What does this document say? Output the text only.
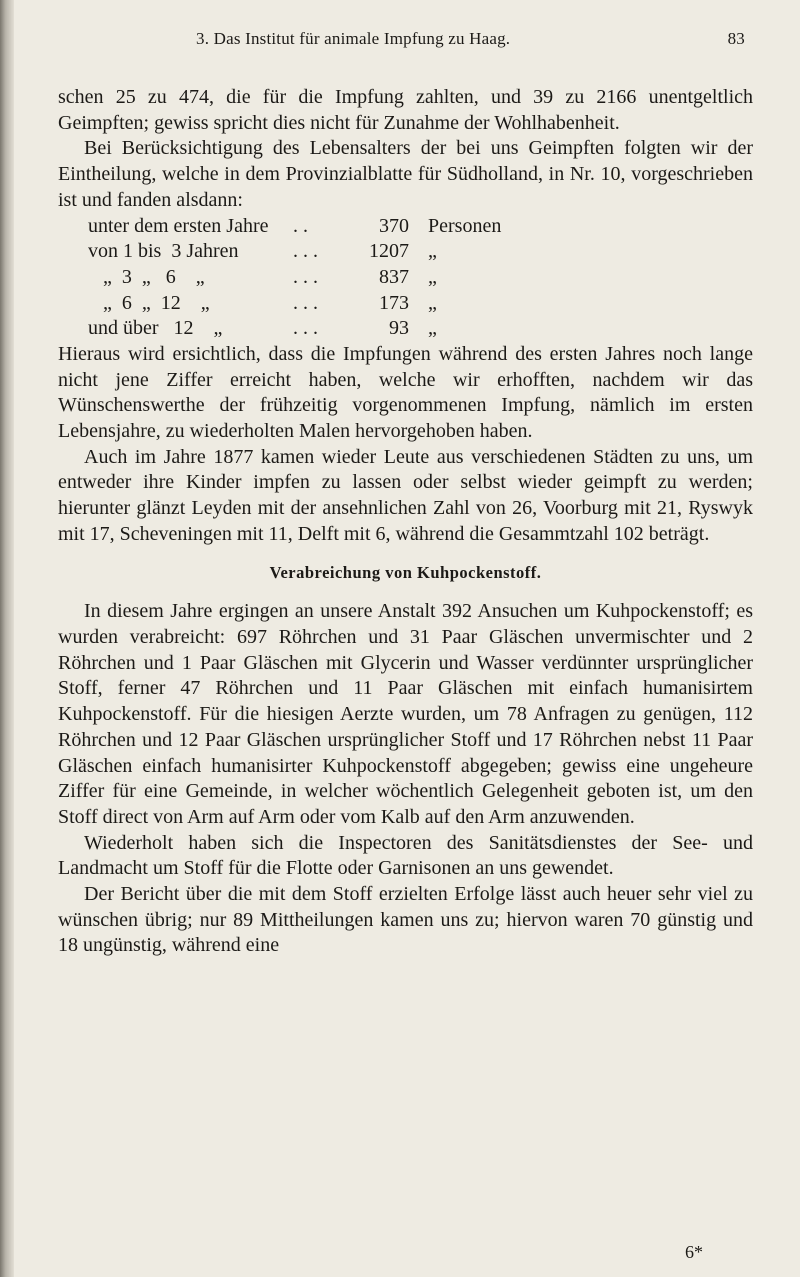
3. Das Institut für animale Impfung zu Haag.	83

schen 25 zu 474, die für die Impfung zahlten, und 39 zu 2166 unentgeltlich Geimpften; gewiss spricht dies nicht für Zunahme der Wohlhabenheit.

Bei Berücksichtigung des Lebensalters der bei uns Geimpften folgten wir der Eintheilung, welche in dem Provinzialblatte für Südholland, in Nr. 10, vorgeschrieben ist und fanden alsdann:

unter dem ersten Jahre . .	370 Personen
von 1 bis  3 Jahren	. . .	1207 „
„  3  „   6    „	. . .	837 „
„  6  „  12    „	. . .	173 „
und über   12    „	. . .	93 „

Hieraus wird ersichtlich, dass die Impfungen während des ersten Jahres noch lange nicht jene Ziffer erreicht haben, welche wir erhofften, nachdem wir das Wünschenswerthe der frühzeitig vorgenommenen Impfung, nämlich im ersten Lebensjahre, zu wiederholten Malen hervorgehoben haben.

Auch im Jahre 1877 kamen wieder Leute aus verschiedenen Städten zu uns, um entweder ihre Kinder impfen zu lassen oder selbst wieder geimpft zu werden; hierunter glänzt Leyden mit der ansehnlichen Zahl von 26, Voorburg mit 21, Ryswyk mit 17, Scheveningen mit 11, Delft mit 6, während die Gesammtzahl 102 beträgt.

Verabreichung von Kuhpockenstoff.

In diesem Jahre ergingen an unsere Anstalt 392 Ansuchen um Kuhpockenstoff; es wurden verabreicht: 697 Röhrchen und 31 Paar Gläschen unvermischter und 2 Röhrchen und 1 Paar Gläschen mit Glycerin und Wasser verdünnter ursprünglicher Stoff, ferner 47 Röhrchen und 11 Paar Gläschen mit einfach humanisirtem Kuhpockenstoff. Für die hiesigen Aerzte wurden, um 78 Anfragen zu genügen, 112 Röhrchen und 12 Paar Gläschen ursprünglicher Stoff und 17 Röhrchen nebst 11 Paar Gläschen einfach humanisirter Kuhpockenstoff abgegeben; gewiss eine ungeheure Ziffer für eine Gemeinde, in welcher wöchentlich Gelegenheit geboten ist, um den Stoff direct von Arm auf Arm oder vom Kalb auf den Arm anzuwenden.

Wiederholt haben sich die Inspectoren des Sanitätsdienstes der See- und Landmacht um Stoff für die Flotte oder Garnisonen an uns gewendet.

Der Bericht über die mit dem Stoff erzielten Erfolge lässt auch heuer sehr viel zu wünschen übrig; nur 89 Mittheilungen kamen uns zu; hiervon waren 70 günstig und 18 ungünstig, während eine

6*
